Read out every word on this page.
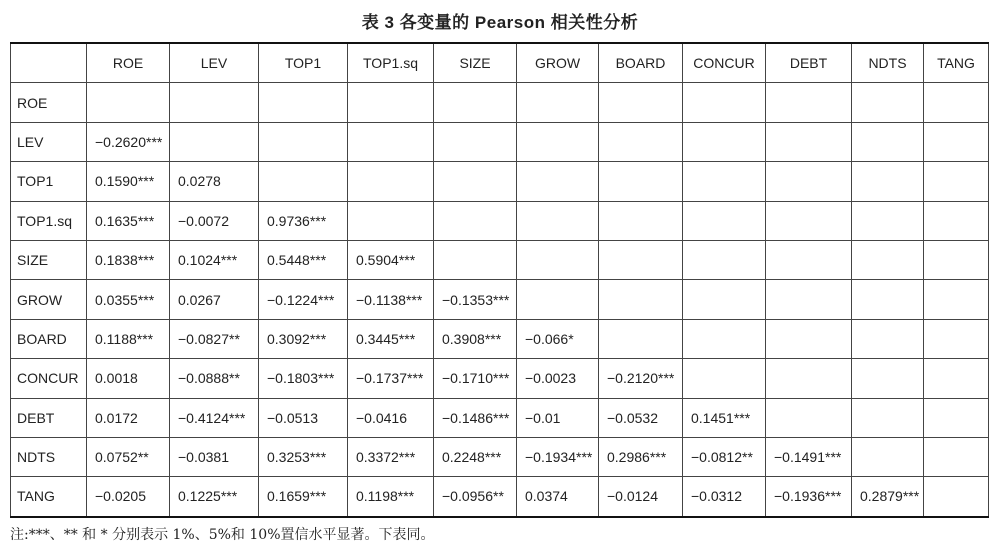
表 3 各变量的 Pearson 相关性分析
	ROE	LEV	TOP1	TOP1.sq	SIZE	GROW	BOARD	CONCUR	DEBT	NDTS	TANG
ROE											
LEV	−0.2620***										
TOP1	0.1590***	0.0278									
TOP1.sq	0.1635***	−0.0072	0.9736***								
SIZE	0.1838***	0.1024***	0.5448***	0.5904***							
GROW	0.0355***	0.0267	−0.1224***	−0.1138***	−0.1353***						
BOARD	0.1188***	−0.0827**	0.3092***	0.3445***	0.3908***	−0.066*					
CONCUR	0.0018	−0.0888**	−0.1803***	−0.1737***	−0.1710***	−0.0023	−0.2120***				
DEBT	0.0172	−0.4124***	−0.0513	−0.0416	−0.1486***	−0.01	−0.0532	0.1451***			
NDTS	0.0752**	−0.0381	0.3253***	0.3372***	0.2248***	−0.1934***	0.2986***	−0.0812**	−0.1491***		
TANG	−0.0205	0.1225***	0.1659***	0.1198***	−0.0956**	0.0374	−0.0124	−0.0312	−0.1936***	0.2879***	
注:***、** 和 * 分别表示 1%、5%和 10%置信水平显著。下表同。
